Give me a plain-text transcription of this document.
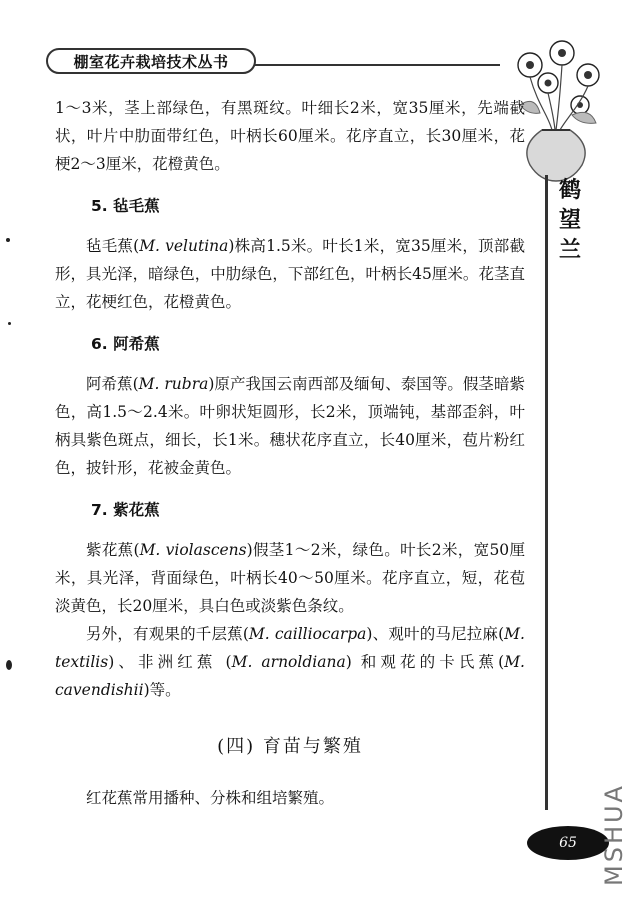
棚室花卉栽培技术丛书
鹤
望
兰

1～3米，茎上部绿色，有黑斑纹。叶细长2米，宽35厘米，先端截状，叶片中肋面带红色，叶柄长60厘米。花序直立，长30厘米，花梗2～3厘米，花橙黄色。

5. 毡毛蕉

毡毛蕉(M. velutina)株高1.5米。叶长1米，宽35厘米，顶部截形，具光泽，暗绿色，中肋绿色，下部红色，叶柄长45厘米。花茎直立，花梗红色，花橙黄色。

6. 阿希蕉

阿希蕉(M. rubra)原产我国云南西部及缅甸、泰国等。假茎暗紫色，高1.5～2.4米。叶卵状矩圆形，长2米，顶端钝，基部歪斜，叶柄具紫色斑点，细长，长1米。穗状花序直立，长40厘米，苞片粉红色，披针形，花被金黄色。

7. 紫花蕉

紫花蕉(M. violascens)假茎1～2米，绿色。叶长2米，宽50厘米，具光泽，背面绿色，叶柄长40～50厘米。花序直立，短，花苞淡黄色，长20厘米，具白色或淡紫色条纹。

另外，有观果的千层蕉(M. cailliocarpa)、观叶的马尼拉麻(M. textilis)、非洲红蕉 (M. arnoldiana) 和观花的卡氏蕉(M. cavendishii)等。

(四) 育苗与繁殖

红花蕉常用播种、分株和组培繁殖。

65 MSHUA
